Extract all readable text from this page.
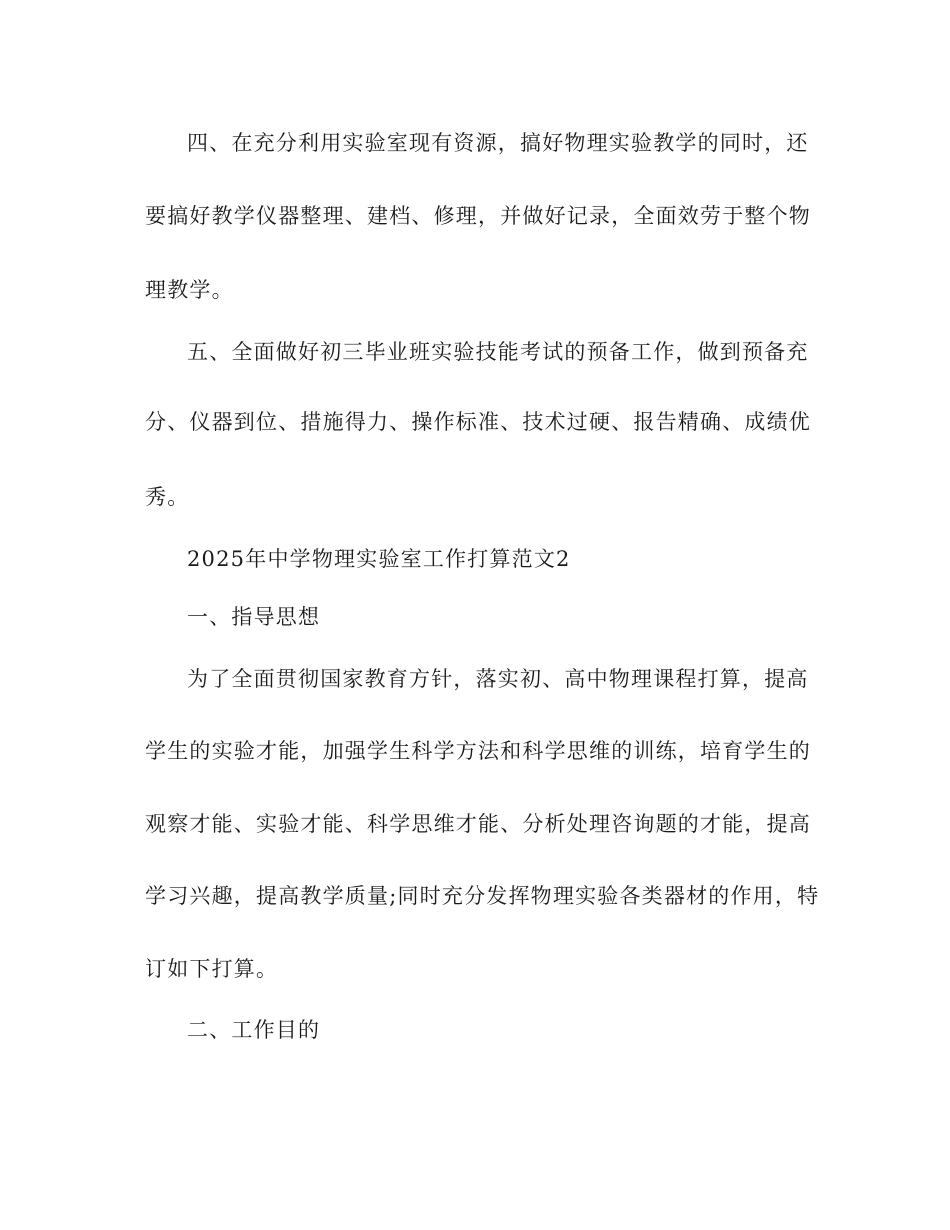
四、在充分利用实验室现有资源，搞好物理实验教学的同时，还
要搞好教学仪器整理、建档、修理，并做好记录，全面效劳于整个物
理教学。
五、全面做好初三毕业班实验技能考试的预备工作，做到预备充
分、仪器到位、措施得力、操作标准、技术过硬、报告精确、成绩优
秀。
2025年中学物理实验室工作打算范文2
一、指导思想
为了全面贯彻国家教育方针，落实初、高中物理课程打算，提高
学生的实验才能，加强学生科学方法和科学思维的训练，培育学生的
观察才能、实验才能、科学思维才能、分析处理咨询题的才能，提高
学习兴趣，提高教学质量;同时充分发挥物理实验各类器材的作用，特
订如下打算。
二、工作目的
